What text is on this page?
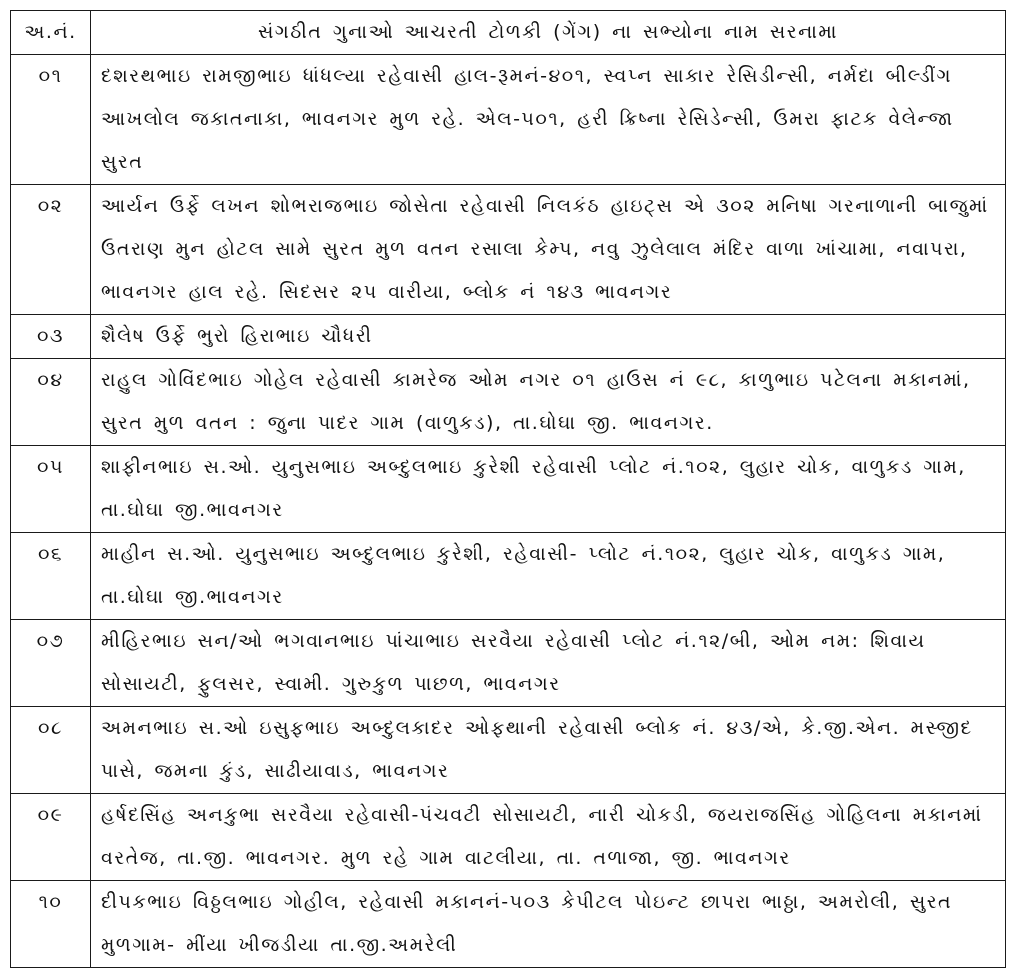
અ.નં.	સંગઠીત ગુનાઓ આચરતી ટોળકી (ગેંગ) ના સભ્યોના નામ સરનામા
૦૧	દશરથભાઇ રામજીભાઇ ધાંધલ્યા રહેવાસી હાલ-રૂમનં-૪૦૧, સ્વપ્ન સાકાર રેસિડીન્સી, નર્મદા બીલ્ડીંગ આખલોલ જકાતનાકા, ભાવનગર મુળ રહે. એલ-૫૦૧, હરી ક્રિષ્ના રેસિડેન્સી, ઉમરા ફાટક વેલેન્જા સુરત
૦૨	આર્યન ઉર્ફે લખન શોભરાજભાઇ જોસેતા રહેવાસી નિલકંઠ હાઇટ્સ એ ૩૦૨ મનિષા ગરનાળાની બાજુમાં ઉતરાણ મુન હોટલ સામે સુરત મુળ વતન રસાલા કેમ્પ, નવુ ઝુલેલાલ મંદિર વાળા ખાંચામા, નવાપરા, ભાવનગર હાલ રહે. સિદસર ૨૫ વારીયા, બ્લોક નં ૧૪૩ ભાવનગર
૦૩	શૈલેષ ઉર્ફે ભુરો હિરાભાઇ ચૌધરી
૦૪	રાહુલ ગોવિંદભાઇ ગોહેલ રહેવાસી કામરેજ ઓમ નગર ૦૧ હાઉસ નં ૯૮, કાળુભાઇ પટેલના મકાનમાં, સુરત મુળ વતન : જુના પાદર ગામ (વાળુકડ), તા.ઘોઘા જી. ભાવનગર.
૦૫	શાફીનભાઇ સ.ઓ. યુનુસભાઇ અબ્દુલભાઇ કુરેશી રહેવાસી પ્લોટ નં.૧૦૨, લુહાર ચોક, વાળુકડ ગામ, તા.ઘોઘા જી.ભાવનગર
૦૬	માહીન સ.ઓ. યુનુસભાઇ અબ્દુલભાઇ કુરેશી, રહેવાસી- પ્લોટ નં.૧૦૨, લુહાર ચોક, વાળુકડ ગામ, તા.ઘોઘા જી.ભાવનગર
૦૭	મીહિરભાઇ સન/ઓ ભગવાનભાઇ પાંચાભાઇ સરવૈયા રહેવાસી પ્લોટ નં.૧૨/બી, ઓમ નમ: શિવાય સોસાયટી, ફુલસર, સ્વામી. ગુરુકુળ પાછળ, ભાવનગર
૦૮	અમનભાઇ સ.ઓ ઇસુફભાઇ અબ્દુલકાદર ઓફથાની રહેવાસી બ્લોક નં. ૪૩/એ, કે.જી.એન. મસ્જીદ પાસે, જમના કુંડ, સાઢીયાવાડ, ભાવનગર
૦૯	હર્ષદસિંહ અનકુભા સરવૈયા રહેવાસી-પંચવટી સોસાયટી, નારી ચોકડી, જયરાજસિંહ ગોહિલના મકાનમાં વરતેજ, તા.જી. ભાવનગર. મુળ રહે ગામ વાટલીયા, તા. તળાજા, જી. ભાવનગર
૧૦	દીપકભાઇ વિઠ્ઠલભાઇ ગોહીલ, રહેવાસી મકાનનં-૫૦૩ કેપીટલ પોઇન્ટ છાપરા ભાઠ્ઠા, અમરોલી, સુરત મુળગામ- મીંયા ખીજડીયા તા.જી.અમરેલી
